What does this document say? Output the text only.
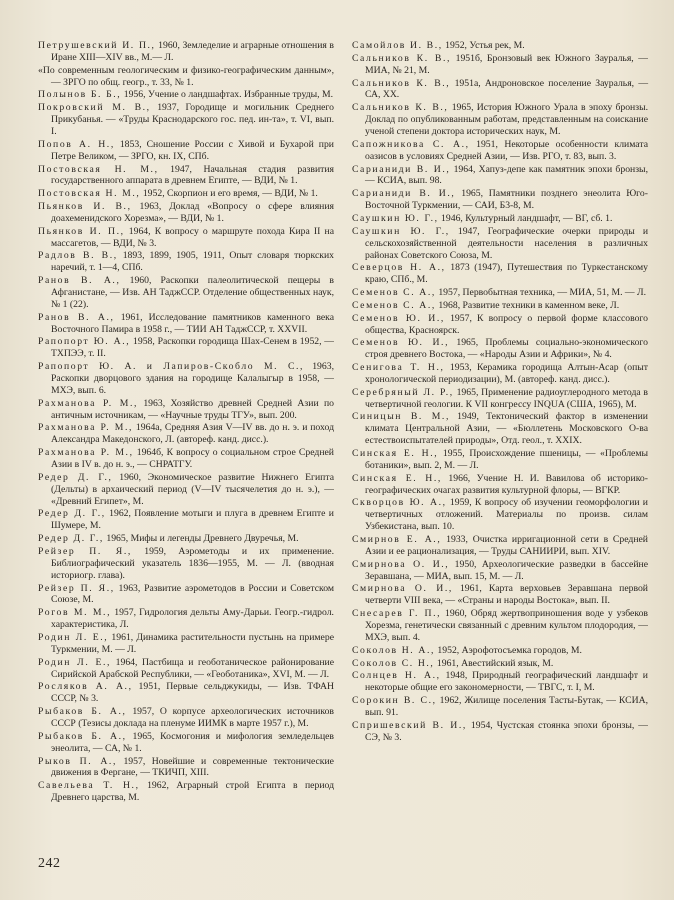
Петрушевский И. П., 1960, Земледелие и аграрные отношения в Иране XIII—XIV вв., М.— Л.
«По современным геологическим и физико-географическим данным», — ЗРГО по общ. геогр., т. 33, № 1.
Полынов Б. Б., 1956, Учение о ландшафтах. Избранные труды, М.
Покровский М. В., 1937, Городище и могильник Среднего Прикубанья. — «Труды Краснодарского гос. пед. ин-та», т. VI, вып. I.
Попов А. Н., 1853, Сношение России с Хивой и Бухарой при Петре Великом, — ЗРГО, кн. IX, СПб.
Постовская Н. М., 1947, Начальная стадия развития государственного аппарата в древнем Египте, — ВДИ, № 1.
Постовская Н. М., 1952, Скорпион и его время, — ВДИ, № 1.
Пьянков И. В., 1963, Доклад «Вопросу о сфере влияния доахеменидского Хорезма», — ВДИ, № 1.
Пьянков И. П., 1964, К вопросу о маршруте похода Кира II на массагетов, — ВДИ, № 3.
Радлов В. В., 1893, 1899, 1905, 1911, Опыт словаря тюркских наречий, т. 1—4, СПб.
Ранов В. А., 1960, Раскопки палеолитической пещеры в Афганистане, — Изв. АН ТаджССР. Отделение общественных наук, № 1 (22).
Ранов В. А., 1961, Исследование памятников каменного века Восточного Памира в 1958 г., — ТИИ АН ТаджССР, т. XXVII.
Рапопорт Ю. А., 1958, Раскопки городища Шах-Сенем в 1952, — ТХПЭЭ, т. II.
Рапопорт Ю. А. и Лапиров-Скобло М. С., 1963, Раскопки дворцового здания на городище Калалыгыр в 1958, — МХЭ, вып. 6.
Рахманова Р. М., 1963, Хозяйство древней Средней Азии по античным источникам, — «Научные труды ТГУ», вып. 200.
Рахманова Р. М., 1964а, Средняя Азия V—IV вв. до н. э. и поход Александра Македонского, Л. (автореф. канд. дисс.).
Рахманова Р. М., 1964б, К вопросу о социальном строе Средней Азии в IV в. до н. э., — СНРАТГУ.
Редер Д. Г., 1960, Экономическое развитие Нижнего Египта (Дельты) в архаический период (V—IV тысячелетия до н. э.), — «Древний Египет», М.
Редер Д. Г., 1962, Появление мотыги и плуга в древнем Египте и Шумере, М.
Редер Д. Г., 1965, Мифы и легенды Древнего Двуречья, М.
Рейзер П. Я., 1959, Аэрометоды и их применение. Библиографический указатель 1836—1955, М. — Л. (вводная историогр. глава).
Рейзер П. Я., 1963, Развитие аэрометодов в России и Советском Союзе, М.
Рогов М. М., 1957, Гидрология дельты Аму-Дарьи. Геогр.-гидрол. характеристика, Л.
Родин Л. Е., 1961, Динамика растительности пустынь на примере Туркмении, М. — Л.
Родин Л. Е., 1964, Пастбища и геоботаническое районирование Сирийской Арабской Республики, — «Геоботаника», XVI, М. — Л.
Росляков А. А., 1951, Первые сельджукиды, — Изв. ТФАН СССР, № 3.
Рыбаков Б. А., 1957, О корпусе археологических источников СССР (Тезисы доклада на пленуме ИИМК в марте 1957 г.), М.
Рыбаков Б. А., 1965, Космогония и мифология земледельцев энеолита, — СА, № 1.
Рыков П. А., 1957, Новейшие и современные тектонические движения в Фергане, — ТКИЧП, XIII.
Савельева Т. Н., 1962, Аграрный строй Египта в период Древнего царства, М.
Самойлов И. В., 1952, Устья рек, М.
Сальников К. В., 1951б, Бронзовый век Южного Зауралья, — МИА, № 21, М.
Сальников К. В., 1951а, Андроновское поселение Зауралья, — СА, XX.
Сальников К. В., 1965, История Южного Урала в эпоху бронзы. Доклад по опубликованным работам, представленным на соискание ученой степени доктора исторических наук, М.
Сапожникова С. А., 1951, Некоторые особенности климата оазисов в условиях Средней Азии, — Изв. РГО, т. 83, вып. 3.
Сарианиди В. И., 1964, Хапуз-депе как памятник эпохи бронзы, — КСИА, вып. 98.
Сарианиди В. И., 1965, Памятники позднего энеолита Юго-Восточной Туркмении, — САИ, Б3-8, М.
Саушкин Ю. Г., 1946, Культурный ландшафт, — ВГ, сб. 1.
Саушкин Ю. Г., 1947, Географические очерки природы и сельскохозяйственной деятельности населения в различных районах Советского Союза, М.
Северцов Н. А., 1873 (1947), Путешествия по Туркестанскому краю, СПб., М.
Семенов С. А., 1957, Первобытная техника, — МИА, 51, М. — Л.
Семенов С. А., 1968, Развитие техники в каменном веке, Л.
Семенов Ю. И., 1957, К вопросу о первой форме классового общества, Красноярск.
Семенов Ю. И., 1965, Проблемы социально-экономического строя древнего Востока, — «Народы Азии и Африки», № 4.
Сенигова Т. Н., 1953, Керамика городища Алтын-Асар (опыт хронологической периодизации), М. (автореф. канд. дисс.).
Серебряный Л. Р., 1965, Применение радиоуглеродного метода в четвертичной геологии. К VII конгрессу INQUA (США, 1965), М.
Синицын В. М., 1949, Тектонический фактор в изменении климата Центральной Азии, — «Бюллетень Московского О-ва естествоиспытателей природы», Отд. геол., т. XXIX.
Синская Е. Н., 1955, Происхождение пшеницы, — «Проблемы ботаники», вып. 2, М. — Л.
Синская Е. Н., 1966, Учение Н. И. Вавилова об историко-географических очагах развития культурной флоры, — ВГКР.
Скворцов Ю. А., 1959, К вопросу об изучении геоморфологии и четвертичных отложений. Материалы по произв. силам Узбекистана, вып. 10.
Смирнов Е. А., 1933, Очистка ирригационной сети в Средней Азии и ее рационализация, — Труды САНИИРИ, вып. XIV.
Смирнова О. И., 1950, Археологические разведки в бассейне Зеравшана, — МИА, вып. 15, М. — Л.
Смирнова О. И., 1961, Карта верховьев Зеравшана первой четверти VIII века, — «Страны и народы Востока», вып. II.
Снесарев Г. П., 1960, Обряд жертвоприношения воде у узбеков Хорезма, генетически связанный с древним культом плодородия, — МХЭ, вып. 4.
Соколов Н. А., 1952, Аэрофотосъемка городов, М.
Соколов С. Н., 1961, Авестийский язык, М.
Солнцев Н. А., 1948, Природный географический ландшафт и некоторые общие его закономерности, — ТВГС, т. I, М.
Сорокин В. С., 1962, Жилище поселения Тасты-Бутак, — КСИА, вып. 91.
Спришевский В. И., 1954, Чустская стоянка эпохи бронзы, — СЭ, № 3.
242
